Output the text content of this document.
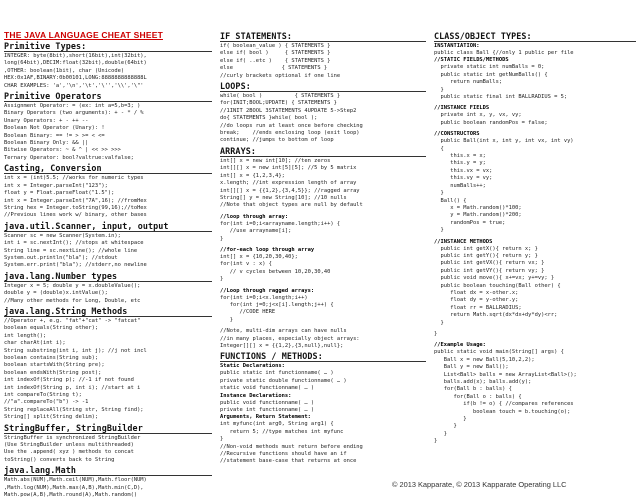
THE JAVA LANGUAGE CHEAT SHEET
Primitive Types:
INTEGER: byte(8bit),short(16bit),int(32bit),
long(64bit),DECIM:float(32bit),double(64bit)
,OTHER: boolean(1bit), char (Unicode)
HEX:0x1AF,BINARY:0b00101,LONG:8888888888888L
CHAR EXAMPLES: 'a','\n','\t','\'','\\','\"'
Primitive Operators
Assignment Operator: = (ex: int a=5,b=3; )
Binary Operators (two arguments): + - * / %
Unary Operators: + - ++ --
Boolean Not Operator (Unary): !
Boolean Binary: == != > >= < <=
Boolean Binary Only: && ||
Bitwise Operators: ~ & ^ | << >> >>>
Ternary Operator: bool?valtrue:valfalse;
Casting, Conversion
int x = (int)5.5; //works for numeric types
int x = Integer.parseInt("123");
float y = Float.parseFloat("1.5");
int x = Integer.parseInt("7A",16); //fromHex
String hex = Integer.toString(99,16);//toHex
//Previous lines work w/ binary, other bases
java.util.Scanner, input, output
Scanner sc = new Scanner(System.in);
int i = sc.nextInt(); //stops at whitespace
String line = sc.nextLine(); //whole line
System.out.println("bla"); //stdout
System.err.print("bla"); //stderr,no newline
java.lang.Number types
Integer x = 5; double y = x.doubleValue();
double y = (double)x.intValue();
//Many other methods for Long, Double, etc
java.lang.String Methods
//Operator +, e.g. "fat"+"cat" -> "fatcat"
boolean equals(String other);
int length();
char charAt(int i);
String substring(int i, int j); //j not incl
boolean contains(String sub);
boolean startsWith(String pre);
boolean endsWith(String post);
int indexOf(String p); //-1 if not found
int indexOf(String p, int i); //start at i
int compareTo(String t);
//"a".compareTo("b") -> -1
String replaceAll(String str, String find);
String[] split(String delim);
StringBuffer, StringBuilder
StringBuffer is synchronized StringBuilder
(Use StringBuilder unless multithreaded)
Use the .append( xyz ) methods to concat
toString() converts back to String
java.lang.Math
Math.abs(NUM),Math.ceil(NUM),Math.floor(NUM)
,Math.log(NUM),Math.max(A,B),Math.min(C,D),
Math.pow(A,B),Math.round(A),Math.random()
IF STATEMENTS:
if( boolean_value ) { STATEMENTS }
else if( bool )     { STATEMENTS }
else if( ..etc )    { STATEMENTS }
else               { STATEMENTS }
//curly brackets optional if one line
LOOPS:
while( bool )          { STATEMENTS }
for(INIT;BOOL;UPDATE) { STATEMENTS }
//1INIT 2BOOL 3STATEMENTS 4UPDATE 5->Step2
do{ STATEMENTS }while( bool );
//do loops run at least once before checking
break;    //ends enclosing loop (exit loop)
continue; //jumps to bottom of loop
ARRAYS:
int[] x = new int[10]; //ten zeros
int[][] x = new int[5][5]; //5 by 5 matrix
int[] x = {1,2,3,4};
x.length; //int expression length of array
int[][] x = {{1,2},{3,4,5}}; //ragged array
String[] y = new String[10]; //10 nulls
//Note that object types are null by default
//loop through array:
for(int i=0;i<arrayname.length;i++) {
//use arrayname[i];
}
//for-each loop through array
int[] x = {10,20,30,40};
for(int v : x) {
// v cycles between 10,20,30,40
}
//Loop through ragged arrays:
for(int i=0;i<x.length;i++)
for(int j=0;j<x[i].length;j++) {
//CODE HERE
}
//Note, multi-dim arrays can have nulls
//in many places, especially object arrays:
Integer[][] x = {{1,2},{3,null},null};
FUNCTIONS / METHODS:
Static Declarations:
public static int functionname( … )
private static double functionname( … )
static void functionname( … )
Instance Declarations:
public void functionname( … )
private int functionname( … )
Arguments, Return Statement:
int myfunc(int arg0, String arg1) {
return 5; //type matches int myfunc
}
//Non-void methods must return before ending
//Recursive functions should have an if
//statement base-case that returns at once
CLASS/OBJECT TYPES:
INSTANTIATION:
public class Ball {//only 1 public per file
//STATIC FIELDS/METHODS
private static int numBalls = 0;
public static int getNumBalls() {
return numBalls;
}
public static final int BALLRADIUS = 5;
//INSTANCE FIELDS
private int x, y, vx, vy;
public boolean randomPos = false;
//CONSTRUCTORS
public Ball(int x, int y, int vx, int vy)
{
this.x = x;
this.y = y;
this.vx = vx;
this.vy = vy;
numBalls++;
}
Ball() {
x = Math.random()*100;
y = Math.random()*200;
randomPos = true;
}
//INSTANCE METHODS
public int getX(){ return x; }
public int getY(){ return y; }
public int getVX(){ return vx; }
public int getVY(){ return vy; }
public void move(){ x+=vx; y+=vy; }
public boolean touching(Ball other) {
float dx = x-other.x;
float dy = y-other.y;
float rr = BALLRADIUS;
return Math.sqrt(dx*dx+dy*dy)<rr;
}
}
//Example Usage:
public static void main(String[] args) {
Ball x = new Ball(5,10,2,2);
Ball y = new Ball();
List<Ball> balls = new ArrayList<Ball>();
balls.add(x); balls.add(y);
for(Ball b : balls) {
for(Ball o : balls) {
if(b != o) { //compares references
boolean touch = b.touching(o);
}
}
}
}
© 2013 Kapparate, © 2013 Kapparate Operating LLC
